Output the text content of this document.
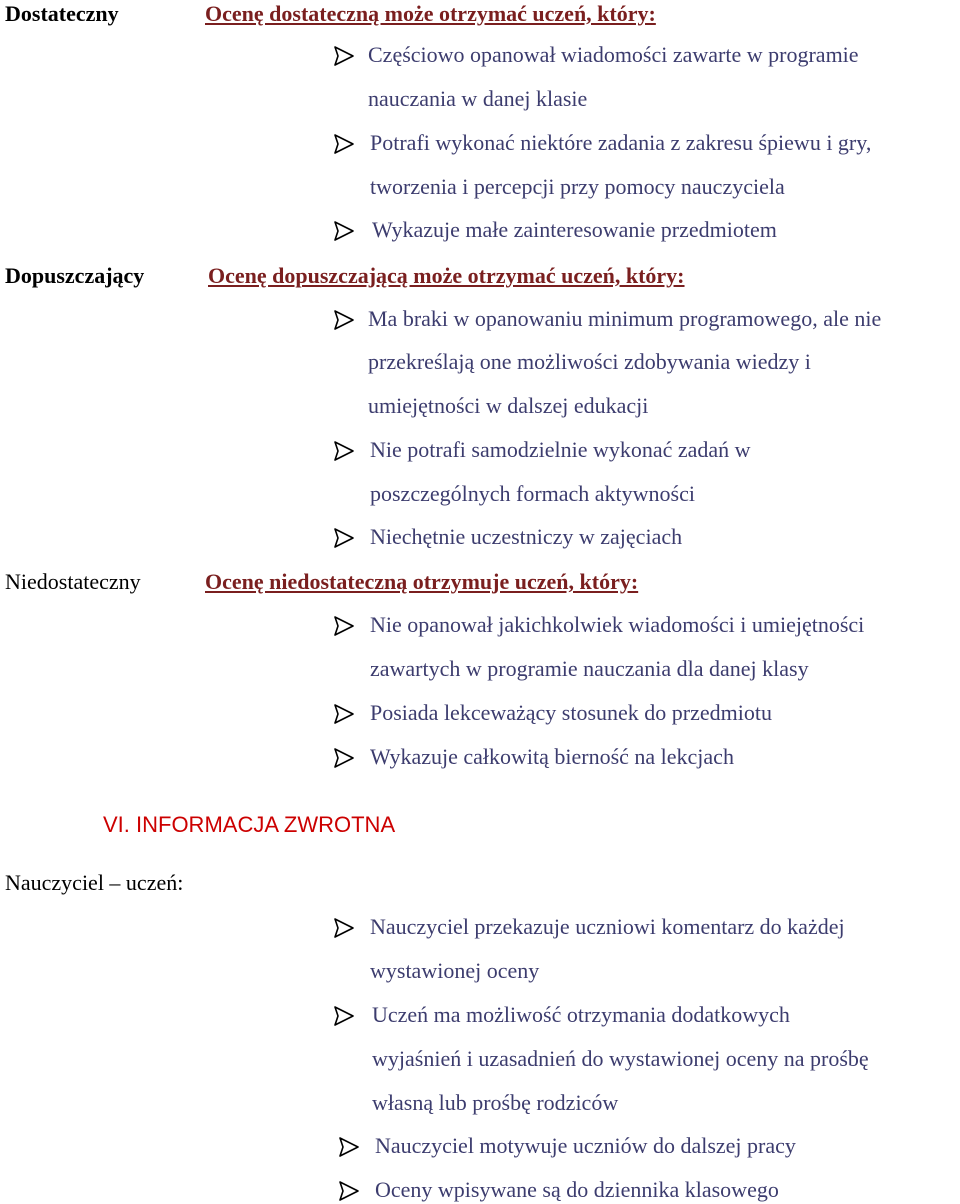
Dostateczny	Ocenę dostateczną może otrzymać uczeń, który:
Częściowo opanował wiadomości zawarte w programie
nauczania w danej klasie
Potrafi wykonać niektóre zadania z zakresu śpiewu i gry,
tworzenia i percepcji przy pomocy nauczyciela
Wykazuje małe zainteresowanie przedmiotem
Dopuszczający	Ocenę dopuszczającą może otrzymać uczeń, który:
Ma braki w opanowaniu minimum programowego, ale nie
przekreślają one możliwości zdobywania wiedzy i
umiejętności w dalszej edukacji
Nie potrafi samodzielnie wykonać zadań w
poszczególnych formach aktywności
Niechętnie uczestniczy w zajęciach
Niedostateczny	Ocenę niedostateczną otrzymuje uczeń, który:
Nie opanował jakichkolwiek wiadomości i umiejętności
zawartych w programie nauczania dla danej klasy
Posiada lekceważący stosunek do przedmiotu
Wykazuje całkowitą bierność na lekcjach
VI. INFORMACJA ZWROTNA
Nauczyciel – uczeń:
Nauczyciel przekazuje uczniowi komentarz do każdej
wystawionej oceny
Uczeń ma możliwość otrzymania dodatkowych
wyjaśnień i uzasadnień do wystawionej oceny na prośbę
własną lub prośbę rodziców
Nauczyciel motywuje uczniów do dalszej pracy
Oceny wpisywane są do dziennika klasowego
